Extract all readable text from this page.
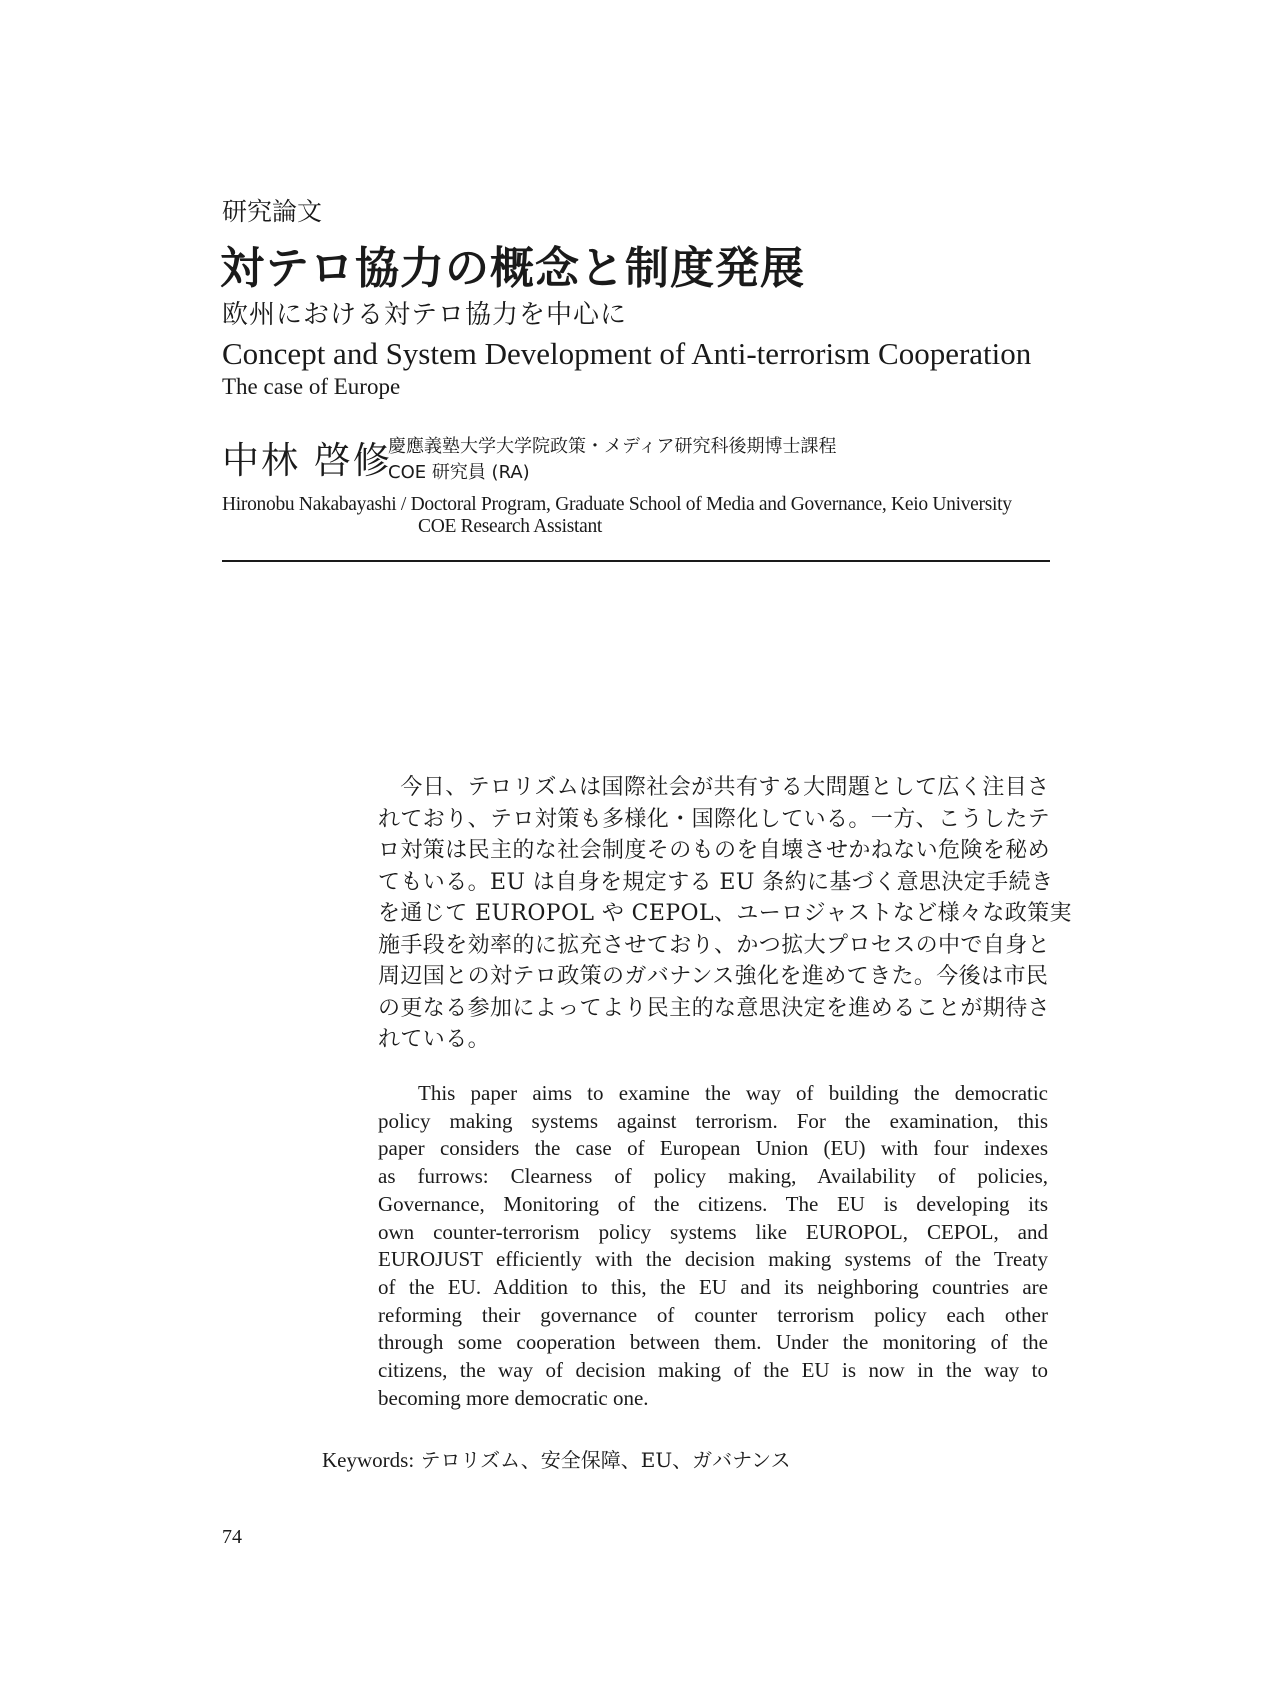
研究論文
対テロ協力の概念と制度発展
欧州における対テロ協力を中心に
Concept and System Development of Anti-terrorism Cooperation
The case of Europe
中林 啓修
慶應義塾大学大学院政策・メディア研究科後期博士課程
COE 研究員 (RA)
Hironobu Nakabayashi / Doctoral Program, Graduate School of Media and Governance, Keio University
COE Research Assistant
　今日、テロリズムは国際社会が共有する大問題として広く注目さ
れており、テロ対策も多様化・国際化している。一方、こうしたテ
ロ対策は民主的な社会制度そのものを自壊させかねない危険を秘め
てもいる。EU は自身を規定する EU 条約に基づく意思決定手続き
を通じて EUROPOL や CEPOL、ユーロジャストなど様々な政策実
施手段を効率的に拡充させており、かつ拡大プロセスの中で自身と
周辺国との対テロ政策のガバナンス強化を進めてきた。今後は市民
の更なる参加によってより民主的な意思決定を進めることが期待さ
れている。
This paper aims to examine the way of building the democratic
policy making systems against terrorism. For the examination, this
paper considers the case of European Union (EU) with four indexes
as furrows: Clearness of policy making, Availability of policies,
Governance, Monitoring of the citizens. The EU is developing its
own counter-terrorism policy systems like EUROPOL, CEPOL, and
EUROJUST efficiently with the decision making systems of the Treaty
of the EU. Addition to this, the EU and its neighboring countries are
reforming their governance of counter terrorism policy each other
through some cooperation between them. Under the monitoring of the
citizens, the way of decision making of the EU is now in the way to
becoming more democratic one.
Keywords: テロリズム、安全保障、EU、ガバナンス
74
